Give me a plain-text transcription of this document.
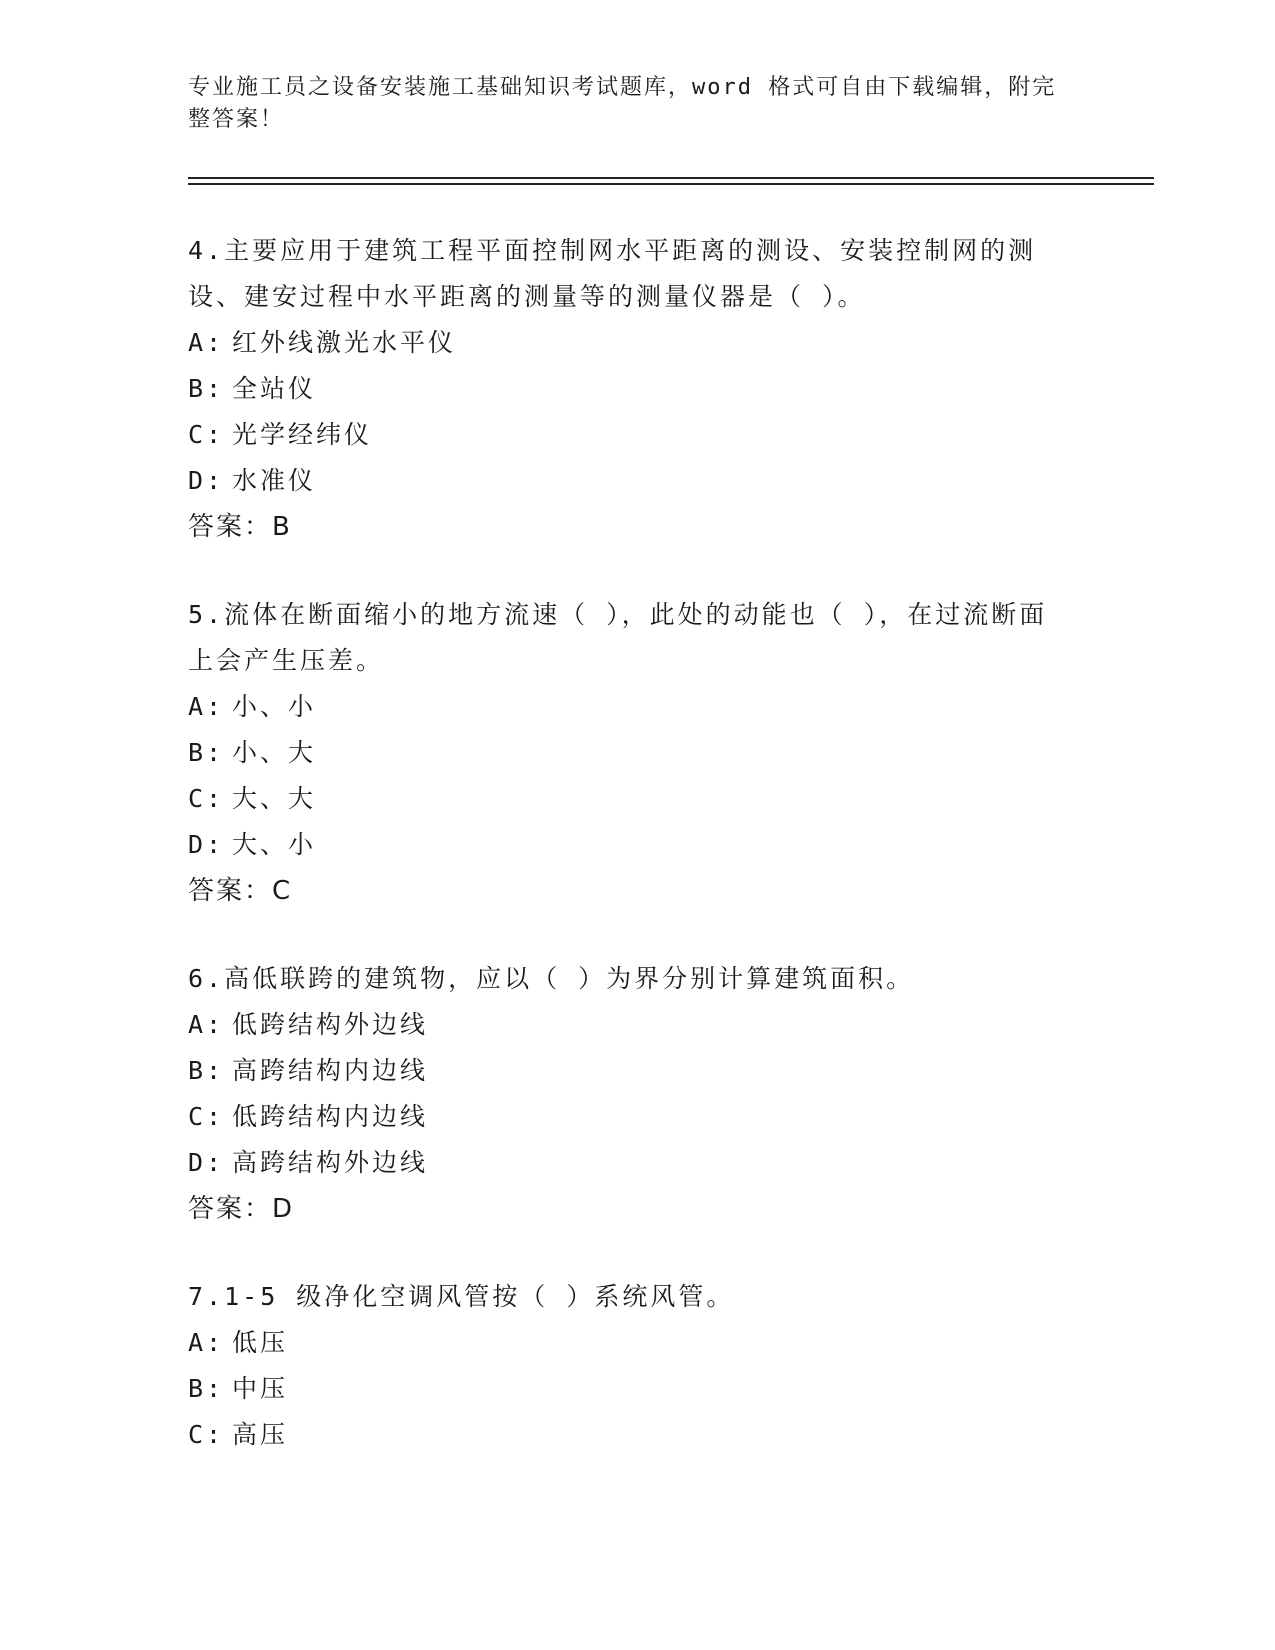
专业施工员之设备安装施工基础知识考试题库，word 格式可自由下载编辑，附完整答案！

4.主要应用于建筑工程平面控制网水平距离的测设、安装控制网的测设、建安过程中水平距离的测量等的测量仪器是（ ）。

A: 红外线激光水平仪

B: 全站仪

C: 光学经纬仪

D: 水准仪

答案：B

5.流体在断面缩小的地方流速（ ），此处的动能也（ ），在过流断面上会产生压差。

A: 小、小

B: 小、大

C: 大、大

D: 大、小

答案：C

6.高低联跨的建筑物，应以（ ）为界分别计算建筑面积。

A: 低跨结构外边线

B: 高跨结构内边线

C: 低跨结构内边线

D: 高跨结构外边线

答案：D

7.1-5 级净化空调风管按（ ）系统风管。

A: 低压

B: 中压

C: 高压
